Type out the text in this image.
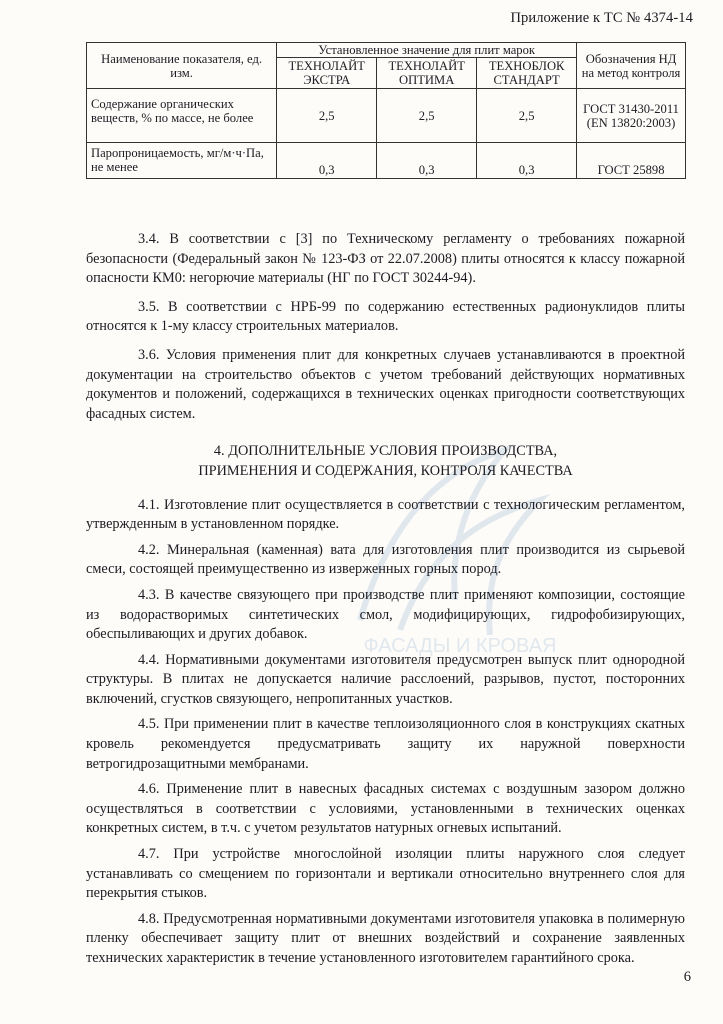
Приложение к ТС № 4374-14
ФАСАДЫ И КРОВАЯ
Наименование показателя, ед. изм.	Установленное значение для плит марок			Обозначения НД на метод контроля
	ТЕХНОЛАЙТ ЭКСТРА	ТЕХНОЛАЙТ ОПТИМА	ТЕХНОБЛОК СТАНДАРТ	
Содержание органических веществ, % по массе, не более	2,5	2,5	2,5	ГОСТ 31430-2011 (EN 13820:2003)
Паропроницаемость, мг/м·ч·Па, не менее	0,3	0,3	0,3	ГОСТ 25898

3.4. В соответствии с [3] по Техническому регламенту о требованиях пожарной безопасности (Федеральный закон № 123-ФЗ от 22.07.2008) плиты относятся к классу пожарной опасности КМ0: негорючие материалы (НГ по ГОСТ 30244-94).

3.5. В соответствии с НРБ-99 по содержанию естественных радионуклидов плиты относятся к 1-му классу строительных материалов.

3.6. Условия применения плит для конкретных случаев устанавливаются в проектной документации на строительство объектов с учетом требований действующих нормативных документов и положений, содержащихся в технических оценках пригодности соответствующих фасадных систем.

4. ДОПОЛНИТЕЛЬНЫЕ УСЛОВИЯ ПРОИЗВОДСТВА,
ПРИМЕНЕНИЯ И СОДЕРЖАНИЯ, КОНТРОЛЯ КАЧЕСТВА

4.1. Изготовление плит осуществляется в соответствии с технологическим регламентом, утвержденным в установленном порядке.

4.2. Минеральная (каменная) вата для изготовления плит производится из сырьевой смеси, состоящей преимущественно из изверженных горных пород.

4.3. В качестве связующего при производстве плит применяют композиции, состоящие из водорастворимых синтетических смол, модифицирующих, гидрофобизирующих, обеспыливающих и других добавок.

4.4. Нормативными документами изготовителя предусмотрен выпуск плит однородной структуры. В плитах не допускается наличие расслоений, разрывов, пустот, посторонних включений, сгустков связующего, непропитанных участков.

4.5. При применении плит в качестве теплоизоляционного слоя в конструкциях скатных кровель рекомендуется предусматривать защиту их наружной поверхности ветрогидрозащитными мембранами.

4.6. Применение плит в навесных фасадных системах с воздушным зазором должно осуществляться в соответствии с условиями, установленными в технических оценках конкретных систем, в т.ч. с учетом результатов натурных огневых испытаний.

4.7. При устройстве многослойной изоляции плиты наружного слоя следует устанавливать со смещением по горизонтали и вертикали относительно внутреннего слоя для перекрытия стыков.

4.8. Предусмотренная нормативными документами изготовителя упаковка в полимерную пленку обеспечивает защиту плит от внешних воздействий и сохранение заявленных технических характеристик в течение установленного изготовителем гарантийного срока.

6
